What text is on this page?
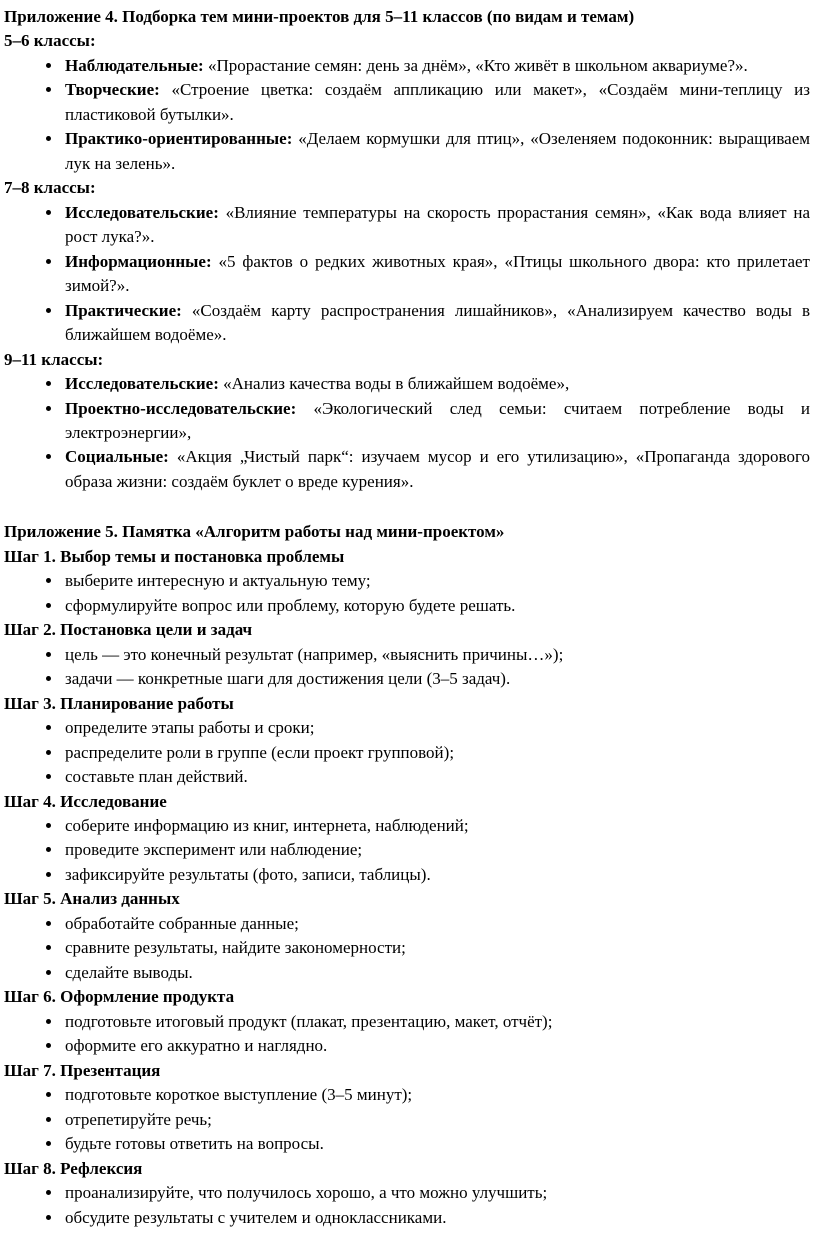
Приложение 4. Подборка тем мини-проектов для 5–11 классов (по видам и темам)
5–6 классы:
• Наблюдательные: «Прорастание семян: день за днём», «Кто живёт в школьном аквариуме?».
• Творческие: «Строение цветка: создаём аппликацию или макет», «Создаём мини-теплицу из пластиковой бутылки».
• Практико-ориентированные: «Делаем кормушки для птиц», «Озеленяем подоконник: выращиваем лук на зелень».
7–8 классы:
• Исследовательские: «Влияние температуры на скорость прорастания семян», «Как вода влияет на рост лука?».
• Информационные: «5 фактов о редких животных края», «Птицы школьного двора: кто прилетает зимой?».
• Практические: «Создаём карту распространения лишайников», «Анализируем качество воды в ближайшем водоёме».
9–11 классы:
• Исследовательские: «Анализ качества воды в ближайшем водоёме»,
• Проектно-исследовательские: «Экологический след семьи: считаем потребление воды и электроэнергии»,
• Социальные: «Акция „Чистый парк“: изучаем мусор и его утилизацию», «Пропаганда здорового образа жизни: создаём буклет о вреде курения».
Приложение 5. Памятка «Алгоритм работы над мини-проектом»
Шаг 1. Выбор темы и постановка проблемы
• выберите интересную и актуальную тему;
• сформулируйте вопрос или проблему, которую будете решать.
Шаг 2. Постановка цели и задач
• цель — это конечный результат (например, «выяснить причины…»);
• задачи — конкретные шаги для достижения цели (3–5 задач).
Шаг 3. Планирование работы
• определите этапы работы и сроки;
• распределите роли в группе (если проект групповой);
• составьте план действий.
Шаг 4. Исследование
• соберите информацию из книг, интернета, наблюдений;
• проведите эксперимент или наблюдение;
• зафиксируйте результаты (фото, записи, таблицы).
Шаг 5. Анализ данных
• обработайте собранные данные;
• сравните результаты, найдите закономерности;
• сделайте выводы.
Шаг 6. Оформление продукта
• подготовьте итоговый продукт (плакат, презентацию, макет, отчёт);
• оформите его аккуратно и наглядно.
Шаг 7. Презентация
• подготовьте короткое выступление (3–5 минут);
• отрепетируйте речь;
• будьте готовы ответить на вопросы.
Шаг 8. Рефлексия
• проанализируйте, что получилось хорошо, а что можно улучшить;
• обсудите результаты с учителем и одноклассниками.
